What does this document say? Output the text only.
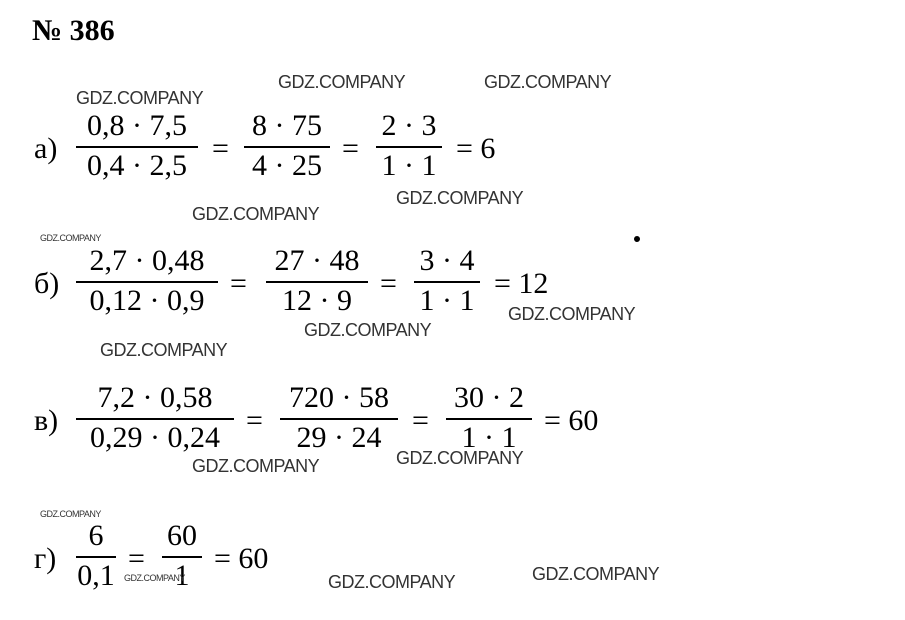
№ 386
а)
0,8 · 7,5
0,4 · 2,5
=
8 · 75
4 · 25
=
2 · 3
1 · 1
= 6
б)
2,7 · 0,48
0,12 · 0,9
=
27 · 48
12 · 9
=
3 · 4
1 · 1
= 12
в)
7,2 · 0,58
0,29 · 0,24
=
720 · 58
29 · 24
=
30 · 2
1 · 1
= 60
г)
6
0,1
=
60
1
= 60
GDZ.COMPANY	GDZ.COMPANY
GDZ.COMPANY
GDZ.COMPANY
GDZ.COMPANY
GDZ.COMPANY
GDZ.COMPANY
GDZ.COMPANY
GDZ.COMPANY
GDZ.COMPANY
GDZ.COMPANY
GDZ.COMPANY
GDZ.COMPANY
GDZ.COMPANY	GDZ.COMPANY
